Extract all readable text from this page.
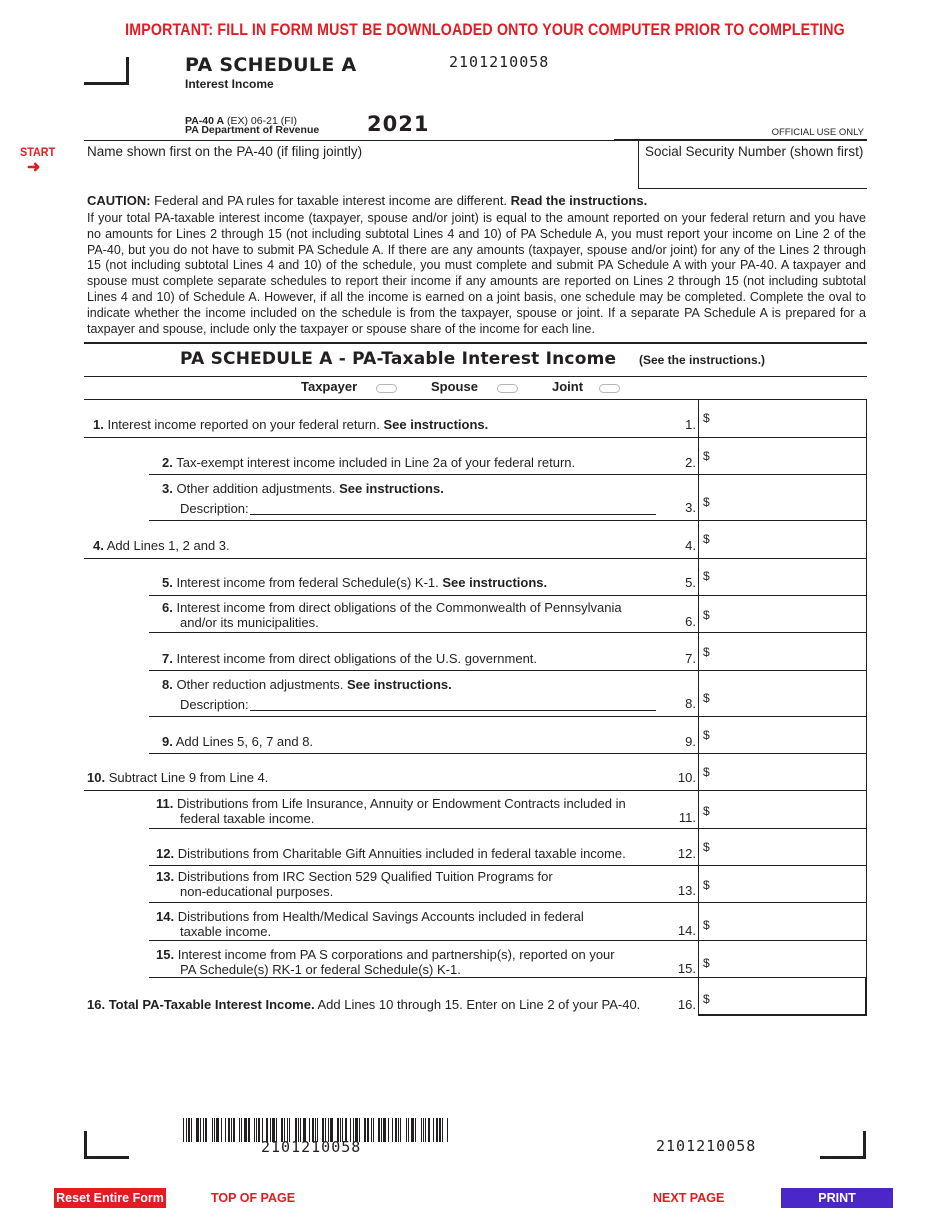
IMPORTANT: FILL IN FORM MUST BE DOWNLOADED ONTO YOUR COMPUTER PRIOR TO COMPLETING
PA SCHEDULE A
Interest Income
2101210058
PA-40 A (EX) 06-21 (FI)
PA Department of Revenue 2021	OFFICIAL USE ONLY
START
➜
Name shown first on the PA-40 (if filing jointly)	Social Security Number (shown first)
CAUTION: Federal and PA rules for taxable interest income are different. Read the instructions.
If your total PA-taxable interest income (taxpayer, spouse and/or joint) is equal to the amount reported on your federal return and you have no amounts for Lines 2 through 15 (not including subtotal Lines 4 and 10) of PA Schedule A, you must report your income on Line 2 of the PA-40, but you do not have to submit PA Schedule A. If there are any amounts (taxpayer, spouse and/or joint) for any of the Lines 2 through 15 (not including subtotal Lines 4 and 10) of the schedule, you must complete and submit PA Schedule A with your PA-40. A taxpayer and spouse must complete separate schedules to report their income if any amounts are reported on Lines 2 through 15 (not including subtotal Lines 4 and 10) of Schedule A. However, if all the income is earned on a joint basis, one schedule may be completed. Complete the oval to indicate whether the income included on the schedule is from the taxpayer, spouse or joint. If a separate PA Schedule A is prepared for a taxpayer and spouse, include only the taxpayer or spouse share of the income for each line.
PA SCHEDULE A - PA-Taxable Interest Income (See the instructions.)
Taxpayer	Spouse	Joint
1. Interest income reported on your federal return. See instructions.	1. $
2. Tax-exempt interest income included in Line 2a of your federal return.	2. $
3. Other addition adjustments. See instructions.
Description:	3. $
4. Add Lines 1, 2 and 3.	4. $
5. Interest income from federal Schedule(s) K-1. See instructions.	5. $
6. Interest income from direct obligations of the Commonwealth of Pennsylvania
and/or its municipalities.	6. $
7. Interest income from direct obligations of the U.S. government.	7. $
8. Other reduction adjustments. See instructions.
Description:	8. $
9. Add Lines 5, 6, 7 and 8.	9. $
10. Subtract Line 9 from Line 4.	10. $
11. Distributions from Life Insurance, Annuity or Endowment Contracts included in
federal taxable income.	11. $
12. Distributions from Charitable Gift Annuities included in federal taxable income.	12. $
13. Distributions from IRC Section 529 Qualified Tuition Programs for
non-educational purposes.	13. $
14. Distributions from Health/Medical Savings Accounts included in federal
taxable income.	14. $
15. Interest income from PA S corporations and partnership(s), reported on your
PA Schedule(s) RK-1 or federal Schedule(s) K-1.	15. $
16. Total PA-Taxable Interest Income. Add Lines 10 through 15. Enter on Line 2 of your PA-40.	16. $
2101210058	2101210058
Reset Entire Form	TOP OF PAGE	NEXT PAGE	PRINT
